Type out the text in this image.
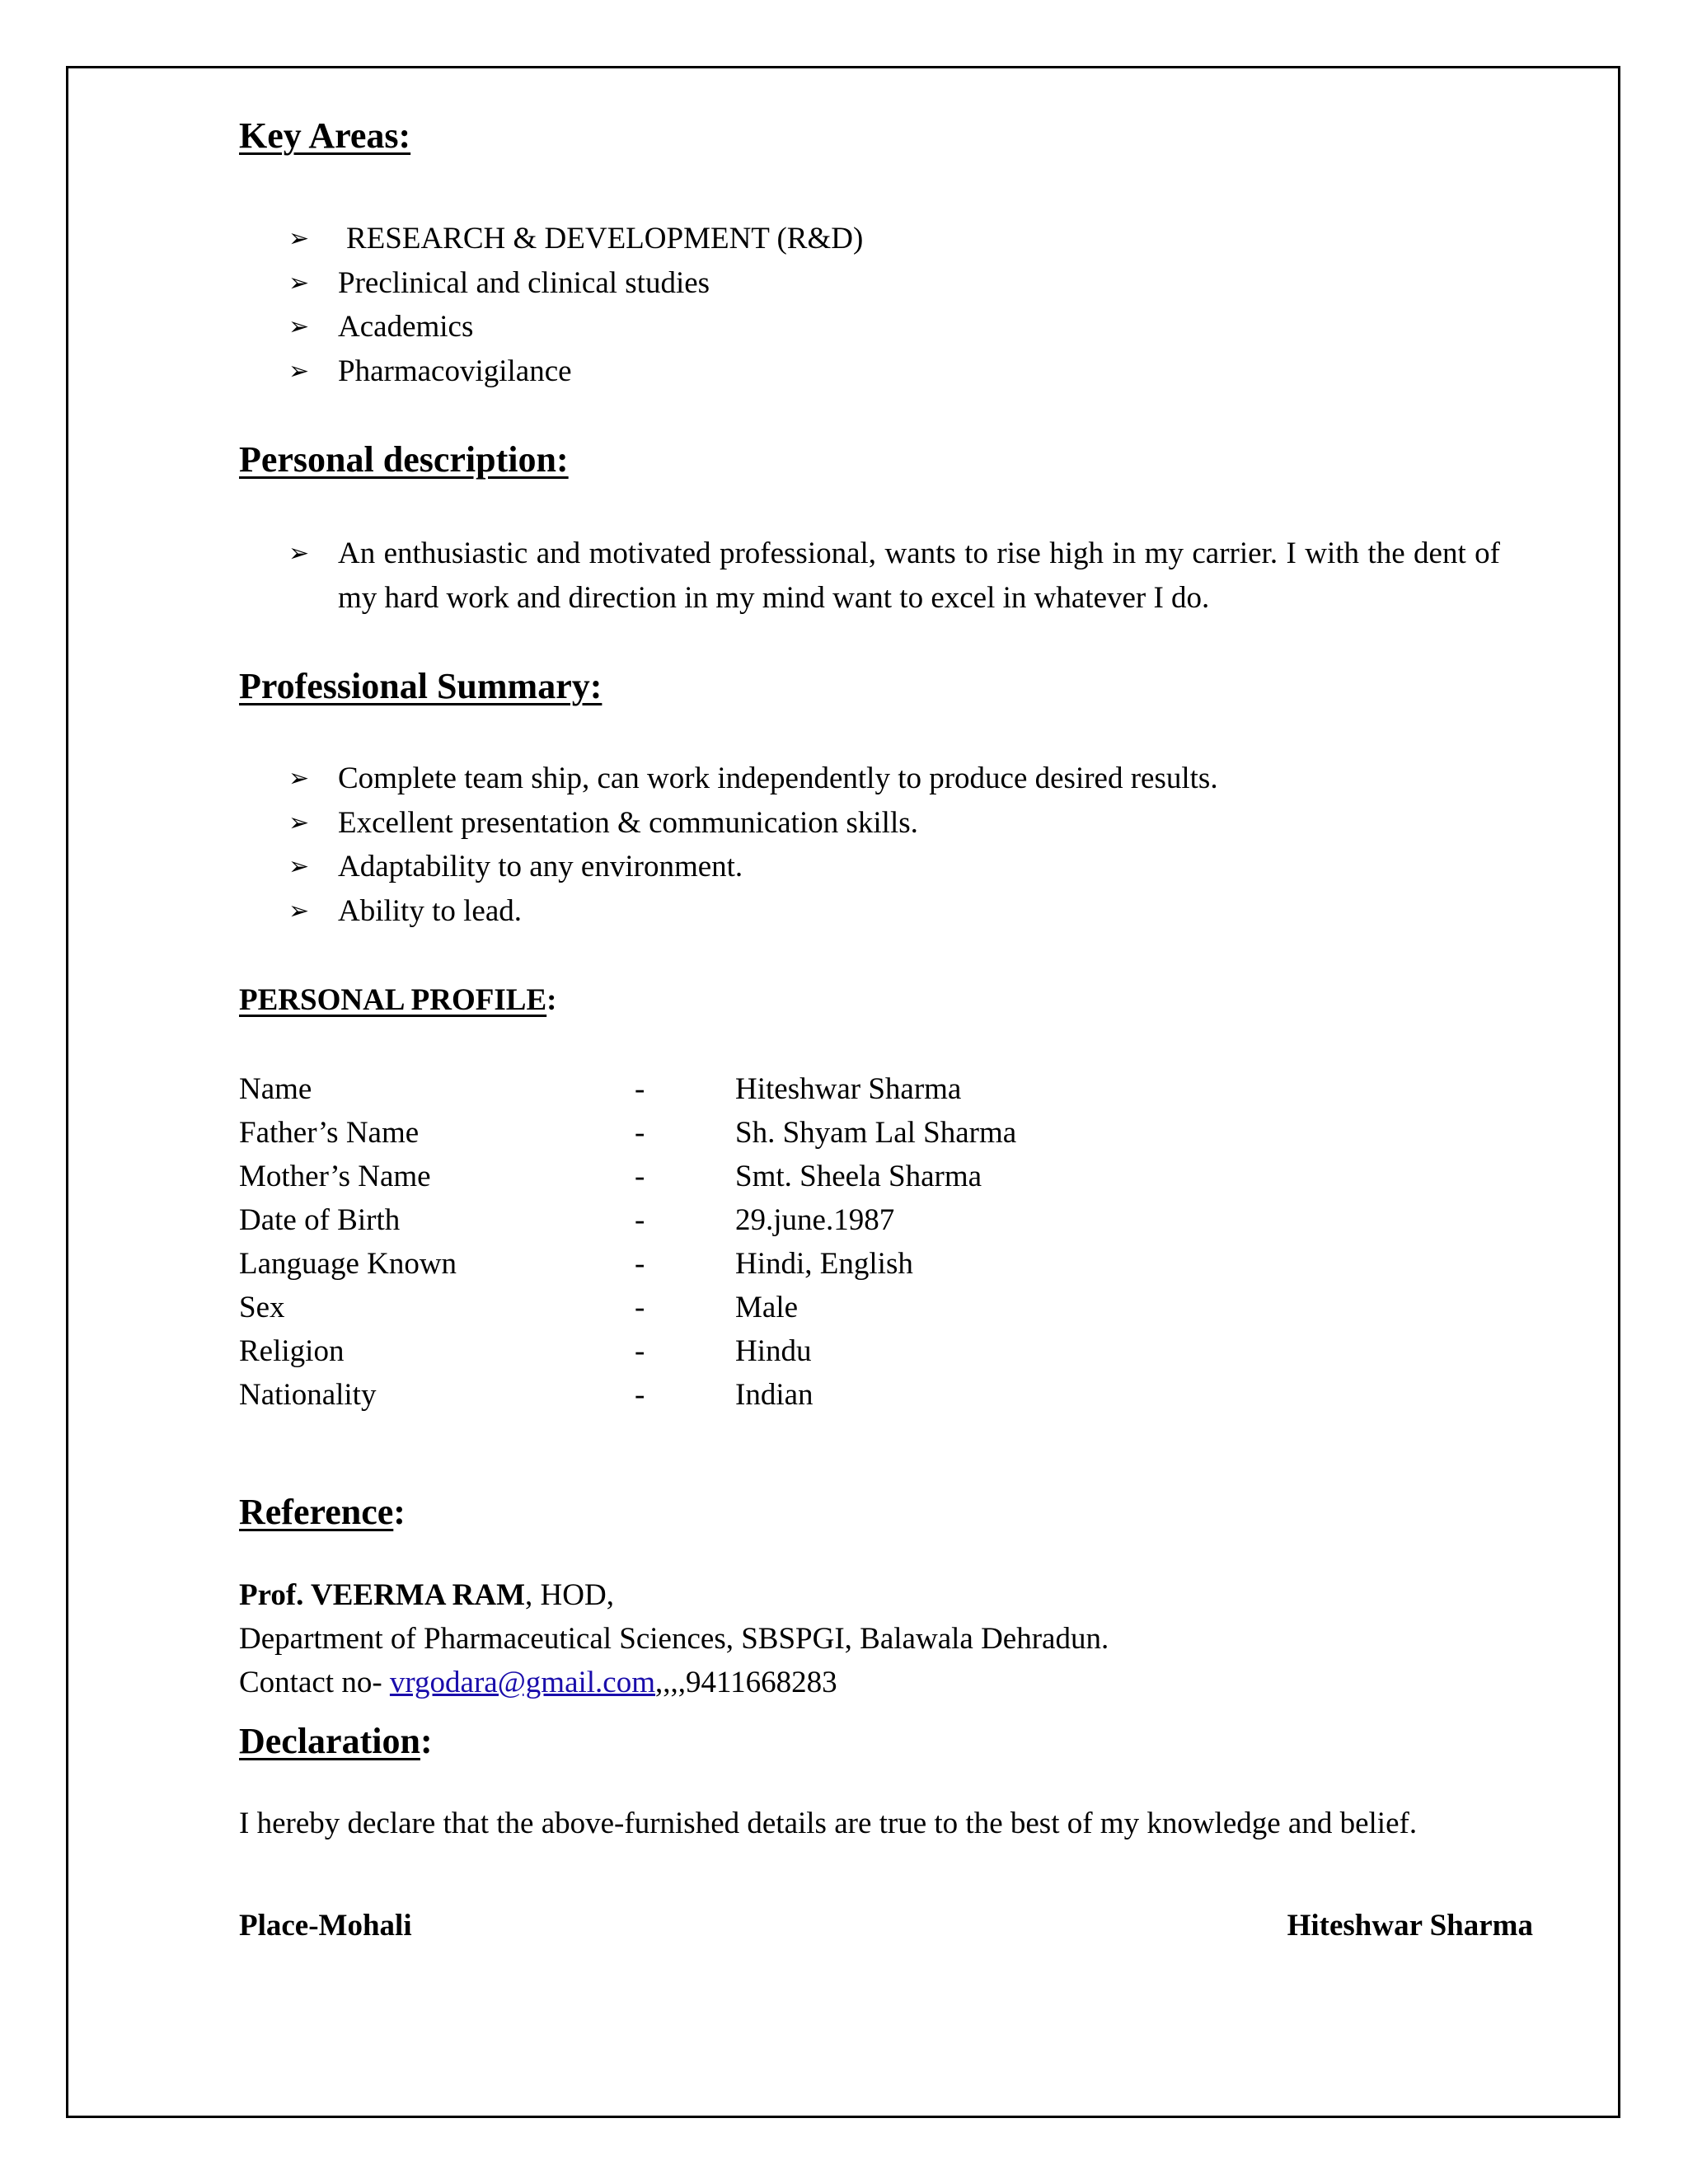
Key Areas:
➢ RESEARCH & DEVELOPMENT (R&D)
➢ Preclinical and clinical studies
➢ Academics
➢ Pharmacovigilance
Personal description:
➢ An enthusiastic and motivated professional, wants to rise high in my carrier. I with the dent of my hard work and direction in my mind want to excel in whatever I do.
Professional Summary:
➢ Complete team ship, can work independently to produce desired results.
➢ Excellent presentation & communication skills.
➢ Adaptability to any environment.
➢ Ability to lead.
PERSONAL PROFILE:
Name	-	Hiteshwar Sharma
Father’s Name	-	Sh. Shyam Lal Sharma
Mother’s Name	-	Smt. Sheela Sharma
Date of Birth	-	29.june.1987
Language Known	-	Hindi, English
Sex	-	Male
Religion	-	Hindu
Nationality	-	Indian
Reference:
Prof. VEERMA RAM, HOD,
Department of Pharmaceutical Sciences, SBSPGI, Balawala Dehradun.
Contact no- vrgodara@gmail.com,,,,9411668283
Declaration:
I hereby declare that the above-furnished details are true to the best of my knowledge and belief.
Place-Mohali	Hiteshwar Sharma
